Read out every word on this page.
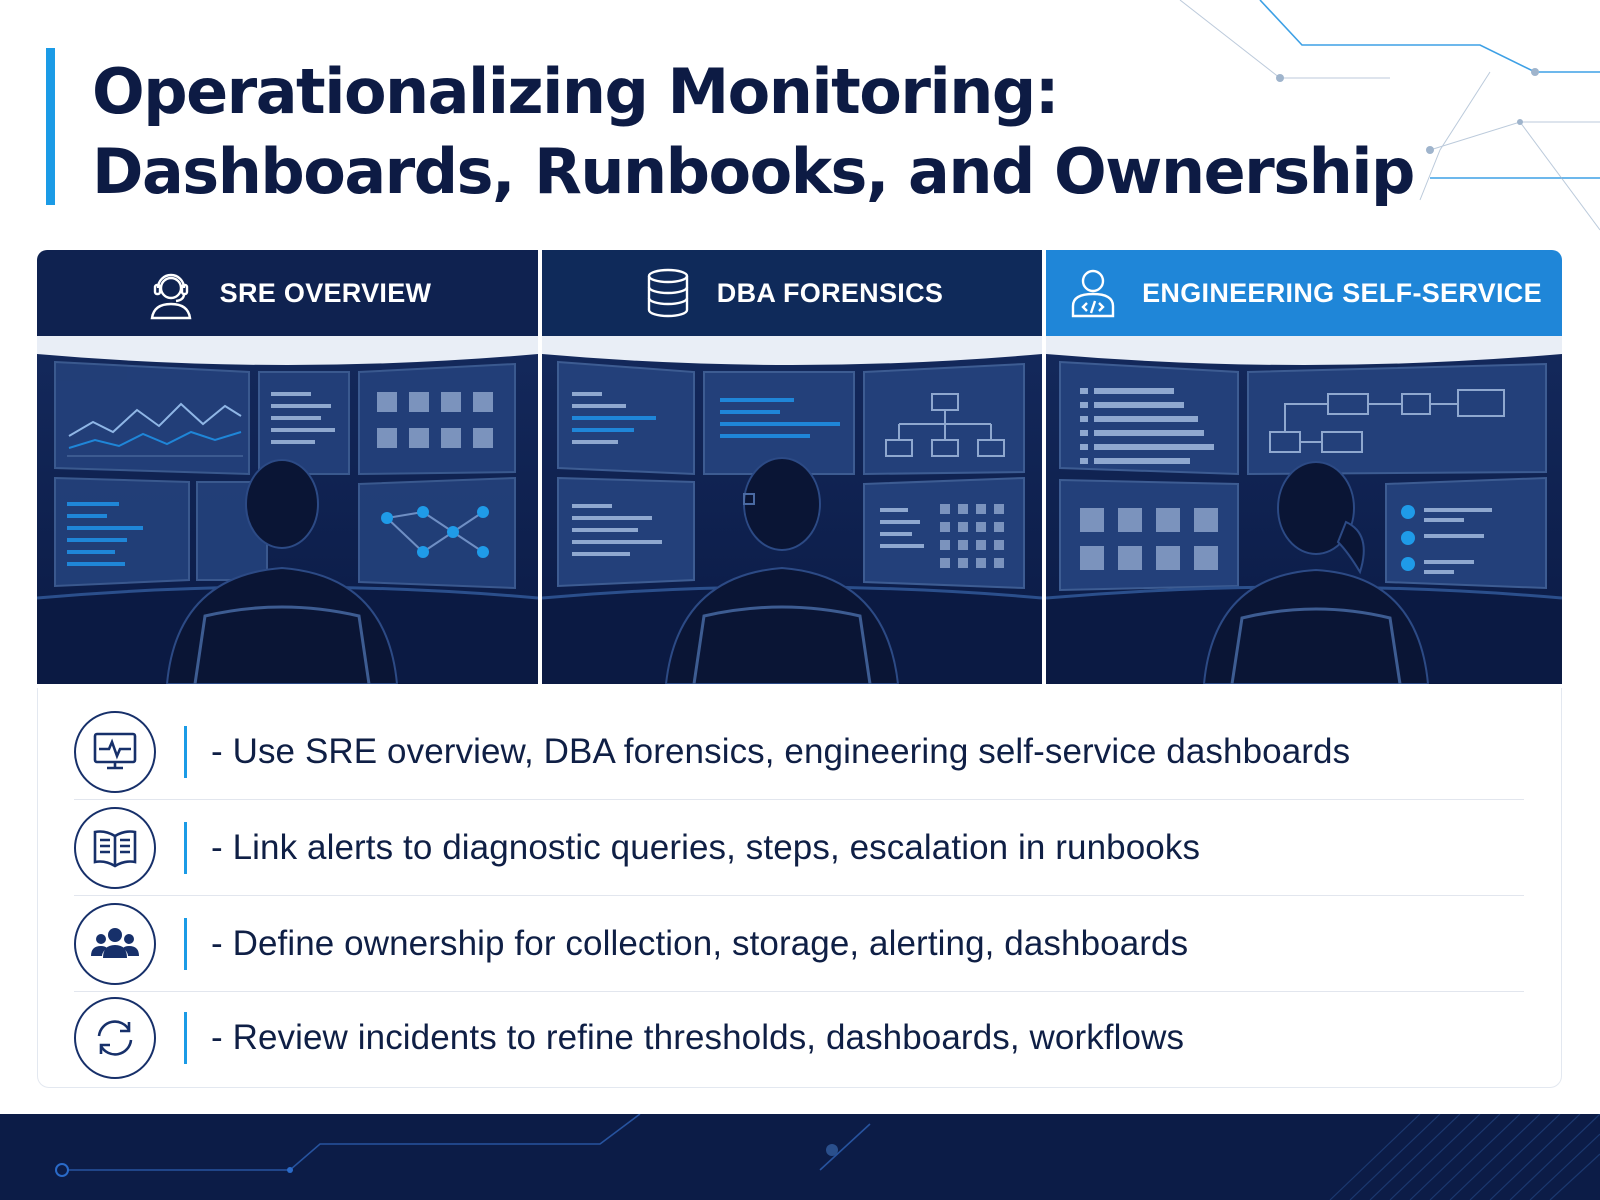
Operationalizing Monitoring:
Dashboards, Runbooks, and Ownership
SRE OVERVIEW	DBA FORENSICS	ENGINEERING SELF-SERVICE
- Use SRE overview, DBA forensics, engineering self-service dashboards
- Link alerts to diagnostic queries, steps, escalation in runbooks
- Define ownership for collection, storage, alerting, dashboards
- Review incidents to refine thresholds, dashboards, workflows
